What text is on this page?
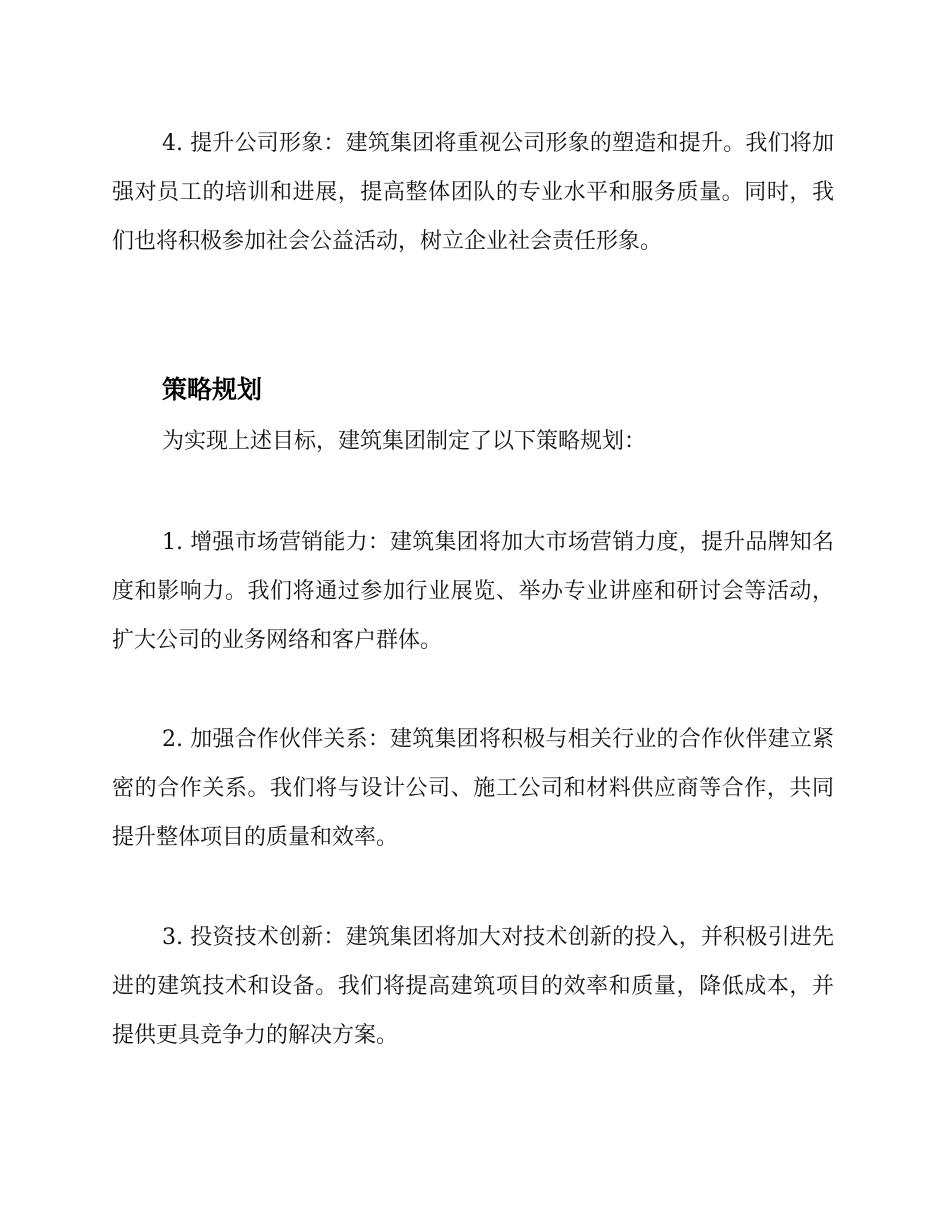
4. 提升公司形象：建筑集团将重视公司形象的塑造和提升。我们将加强对员工的培训和进展，提高整体团队的专业水平和服务质量。同时，我们也将积极参加社会公益活动，树立企业社会责任形象。

策略规划

为实现上述目标，建筑集团制定了以下策略规划：

1. 增强市场营销能力：建筑集团将加大市场营销力度，提升品牌知名度和影响力。我们将通过参加行业展览、举办专业讲座和研讨会等活动，扩大公司的业务网络和客户群体。

2. 加强合作伙伴关系：建筑集团将积极与相关行业的合作伙伴建立紧密的合作关系。我们将与设计公司、施工公司和材料供应商等合作，共同提升整体项目的质量和效率。

3. 投资技术创新：建筑集团将加大对技术创新的投入，并积极引进先进的建筑技术和设备。我们将提高建筑项目的效率和质量，降低成本，并提供更具竞争力的解决方案。
